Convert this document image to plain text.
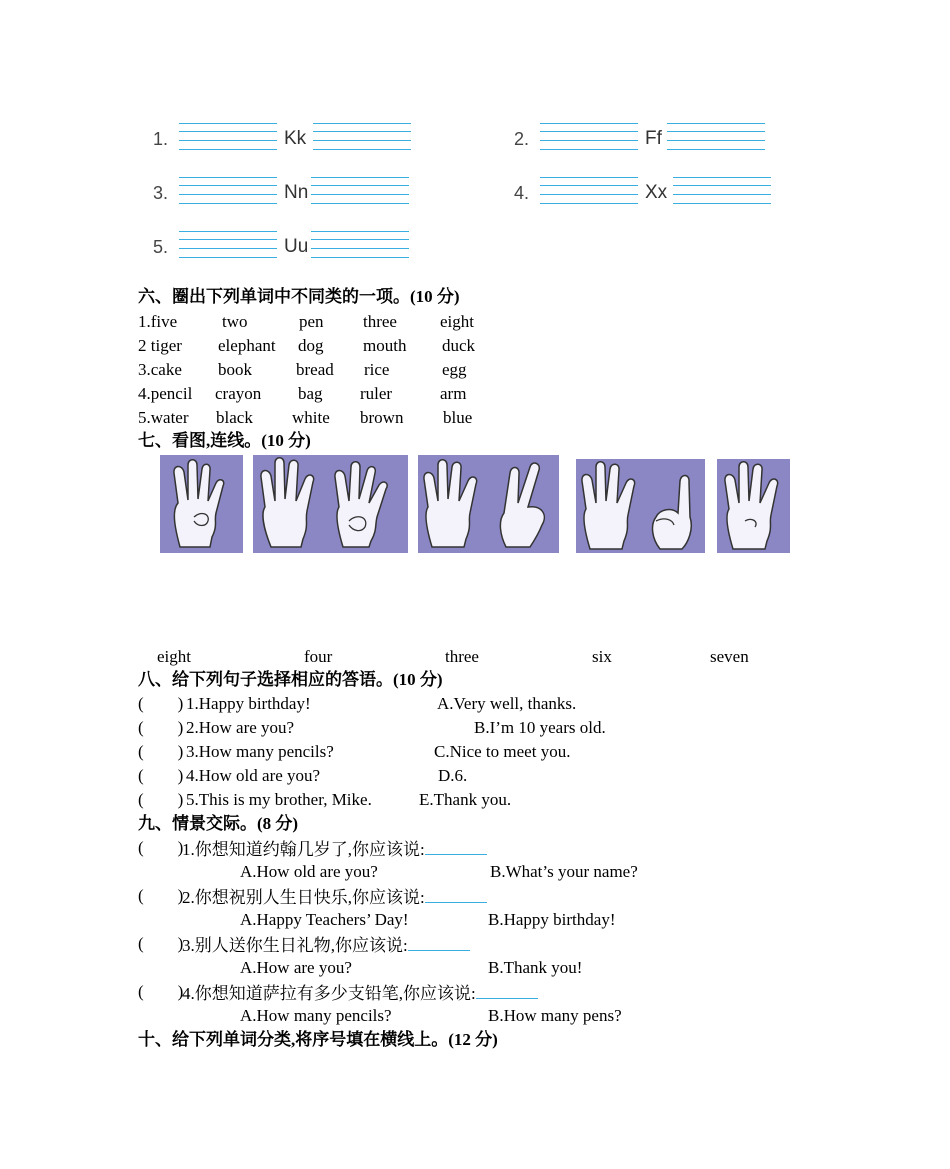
1.	Kk	2.	Ff
3.	Nn	4.	Xx
5.	Uu
六、圈出下列单词中不同类的一项。(10 分)
1.five	two	pen three	eight
2 tiger elephant dog mouth duck
3.cake book	bread rice	egg
4.pencil crayon bag ruler	arm
5.water black white brown blue
七、看图,连线。(10 分)
eight	four	three	six	seven
八、给下列句子选择相应的答语。(10 分)
(        ) 1.Happy birthday!	A.Very well, thanks.
(        ) 2.How are you?	B.I’m 10 years old.
(        ) 3.How many pencils?	C.Nice to meet you.
(        ) 4.How old are you?	D.6.
(        ) 5.This is my brother, Mike.	E.Thank you.
九、情景交际。(8 分)
(        )
1.你想知道约翰几岁了,你应该说:
A.How old are you?	B.What’s your name?
(        )
2.你想祝别人生日快乐,你应该说:
A.Happy Teachers’ Day!	B.Happy birthday!
(        )
3.别人送你生日礼物,你应该说:
A.How are you?	B.Thank you!
(        )
4.你想知道萨拉有多少支铅笔,你应该说:
A.How many pencils?	B.How many pens?
十、给下列单词分类,将序号填在横线上。(12 分)
